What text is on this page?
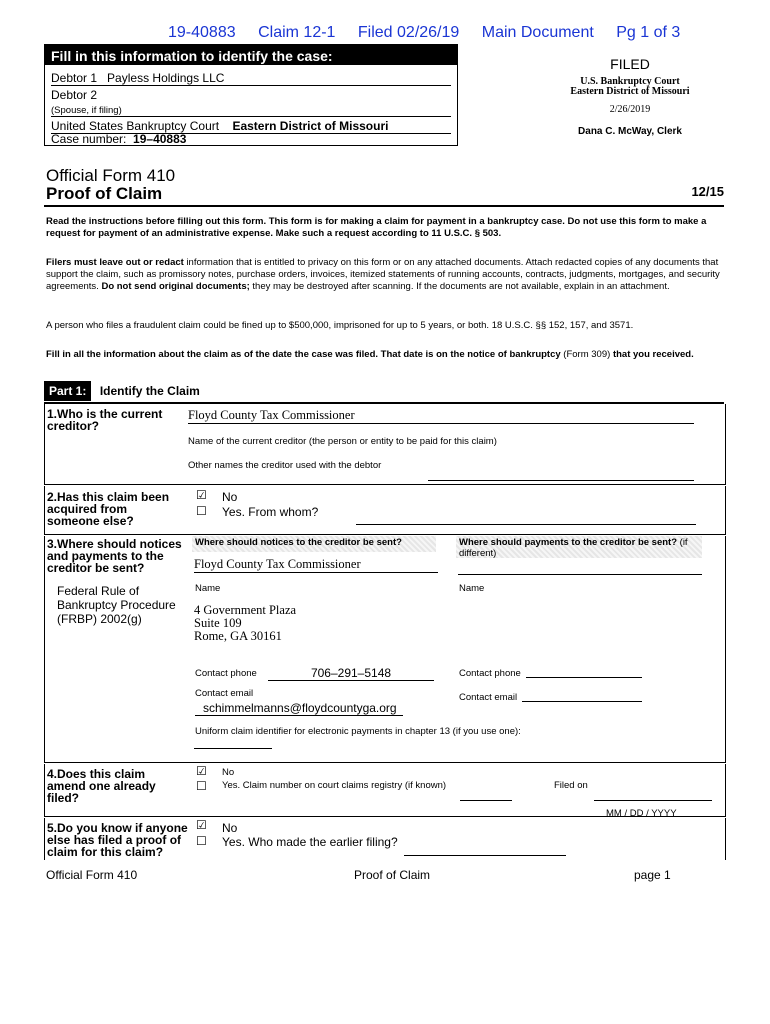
19-40883 Claim 12-1 Filed 02/26/19 Main Document Pg 1 of 3
Fill in this information to identify the case:
Debtor 1 Payless Holdings LLC
Debtor 2
(Spouse, if filing)
United States Bankruptcy Court Eastern District of Missouri
Case number: 19–40883
FILED
U.S. Bankruptcy Court
Eastern District of Missouri
2/26/2019
Dana C. McWay, Clerk
Official Form 410
Proof of Claim	12/15
Read the instructions before filling out this form. This form is for making a claim for payment in a bankruptcy case. Do not use this form to make a request for payment of an administrative expense. Make such a request according to 11 U.S.C. § 503.
Filers must leave out or redact information that is entitled to privacy on this form or on any attached documents. Attach redacted copies of any documents that support the claim, such as promissory notes, purchase orders, invoices, itemized statements of running accounts, contracts, judgments, mortgages, and security agreements. Do not send original documents; they may be destroyed after scanning. If the documents are not available, explain in an attachment.
A person who files a fraudulent claim could be fined up to $500,000, imprisoned for up to 5 years, or both. 18 U.S.C. §§ 152, 157, and 3571.
Fill in all the information about the claim as of the date the case was filed. That date is on the notice of bankruptcy (Form 309) that you received.
Part 1: Identify the Claim
1.Who is the current creditor?
Floyd County Tax Commissioner
Name of the current creditor (the person or entity to be paid for this claim)
Other names the creditor used with the debtor
2.Has this claim been acquired from someone else?
☑ No
☐ Yes. From whom?
3.Where should notices and payments to the creditor be sent?
Federal Rule of Bankruptcy Procedure (FRBP) 2002(g)
Where should notices to the creditor be sent?	Where should payments to the creditor be sent? (if different)
Floyd County Tax Commissioner
Name	Name
4 Government Plaza
Suite 109
Rome, GA 30161
Contact phone	706–291–5148	Contact phone
Contact email
schimmelmanns@floydcountyga.org
Contact email
Uniform claim identifier for electronic payments in chapter 13 (if you use one):
4.Does this claim amend one already filed?
☑ No
☐ Yes. Claim number on court claims registry (if known)	Filed on
MM / DD / YYYY
5.Do you know if anyone else has filed a proof of claim for this claim?
☑ No
☐ Yes. Who made the earlier filing?
Official Form 410	Proof of Claim	page 1
